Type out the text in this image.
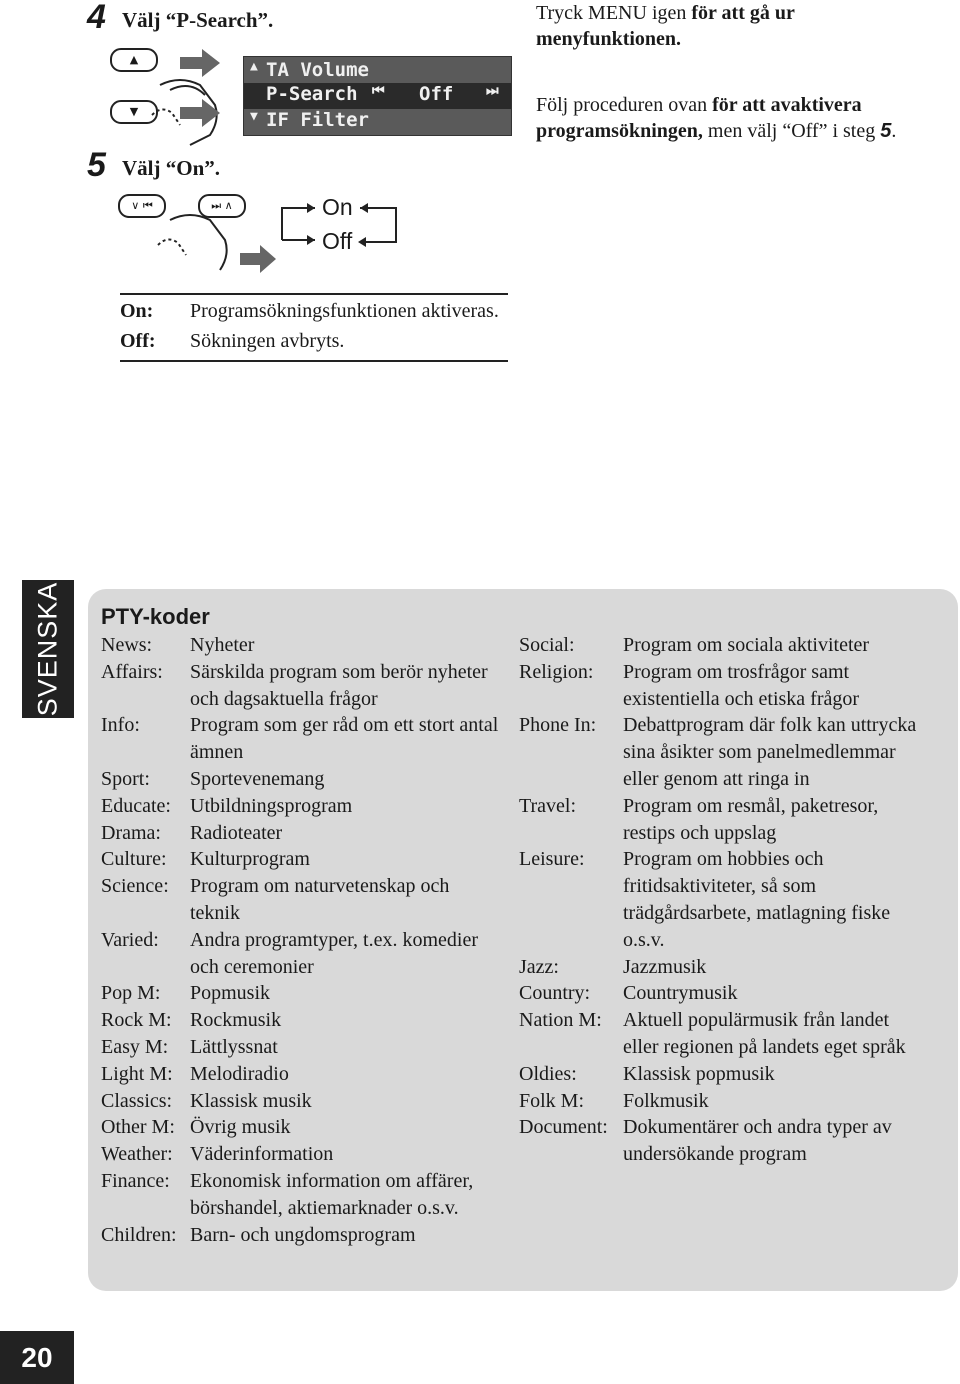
4 Välj “P-Search”.
▲
▼
▲ TA Volume
P-Search ⏮ Off ⏭
▼ IF Filter
Tryck MENU igen för att gå ur menyfunktionen.
Följ proceduren ovan för att avaktivera programsökningen, men välj “Off” i steg 5.
5 Välj “On”.
∨ ⏮	⏭ ∧	On
Off
On:	Programsökningsfunktionen aktiveras.
Off:	Sökningen avbryts.
SVENSKA PTY-koder
News:	Nyheter
Affairs:	Särskilda program som berör nyheter och dagsaktuella frågor
Info:	Program som ger råd om ett stort antal ämnen
Sport:	Sportevenemang
Educate: Utbildningsprogram
Drama:	Radioteater
Culture:	Kulturprogram
Science:	Program om naturvetenskap och teknik
Varied:	Andra programtyper, t.ex. komedier och ceremonier
Pop M:	Popmusik
Rock M: Rockmusik
Easy M:	Lättlyssnat
Light M: Melodiradio
Classics: Klassisk musik
Other M: Övrig musik
Weather: Väderinformation
Finance:	Ekonomisk information om affärer, börshandel, aktiemarknader o.s.v.
Children: Barn- och ungdomsprogram
Social:	Program om sociala aktiviteter
Religion:	Program om trosfrågor samt existentiella och etiska frågor
Phone In:	Debattprogram där folk kan uttrycka sina åsikter som panelmedlemmar eller genom att ringa in
Travel:	Program om resmål, paketresor, restips och uppslag
Leisure:	Program om hobbies och fritidsaktiviteter, så som trädgårdsarbete, matlagning fiske o.s.v.
Jazz:	Jazzmusik
Country:	Countrymusik
Nation M:	Aktuell populärmusik från landet eller regionen på landets eget språk
Oldies:	Klassisk popmusik
Folk M:	Folkmusik
Document: Dokumentärer och andra typer av undersökande program
20
